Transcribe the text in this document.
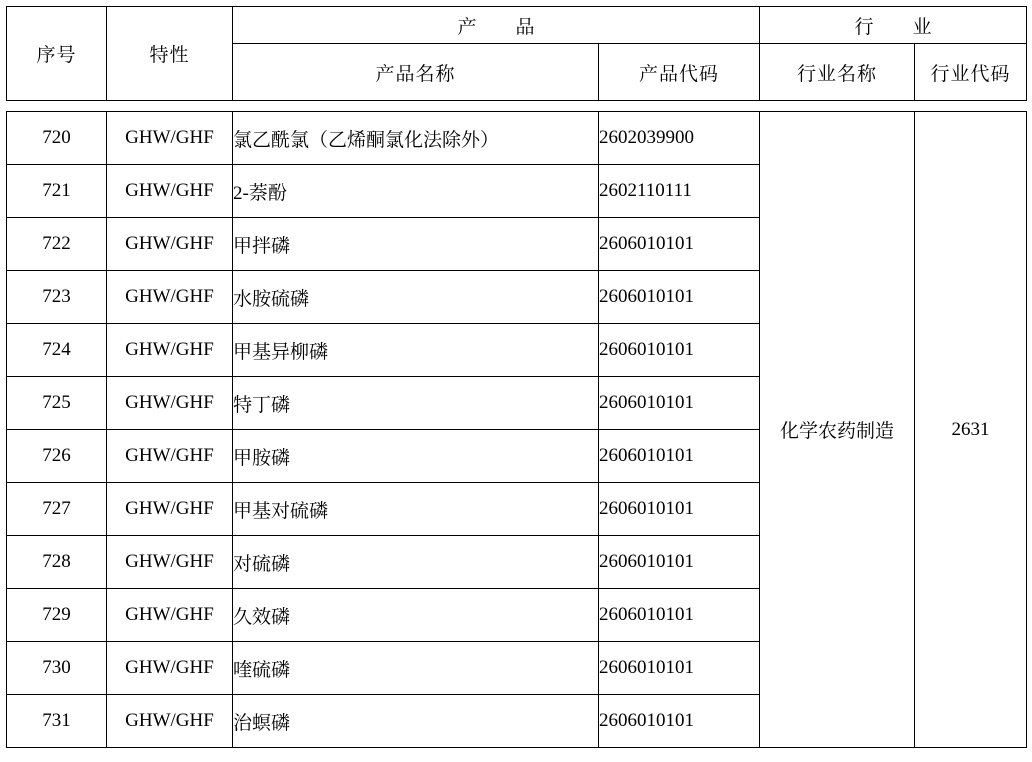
序号	特性	产　品		行　业	
		产品名称	产品代码	行业名称	行业代码
720	GHW/GHF	氯乙酰氯（乙烯酮氯化法除外）	2602039900	化学农药制造	2631
721	GHW/GHF	2-萘酚	2602110111		
722	GHW/GHF	甲拌磷	2606010101		
723	GHW/GHF	水胺硫磷	2606010101		
724	GHW/GHF	甲基异柳磷	2606010101		
725	GHW/GHF	特丁磷	2606010101		
726	GHW/GHF	甲胺磷	2606010101		
727	GHW/GHF	甲基对硫磷	2606010101		
728	GHW/GHF	对硫磷	2606010101		
729	GHW/GHF	久效磷	2606010101		
730	GHW/GHF	喹硫磷	2606010101		
731	GHW/GHF	治螟磷	2606010101		
